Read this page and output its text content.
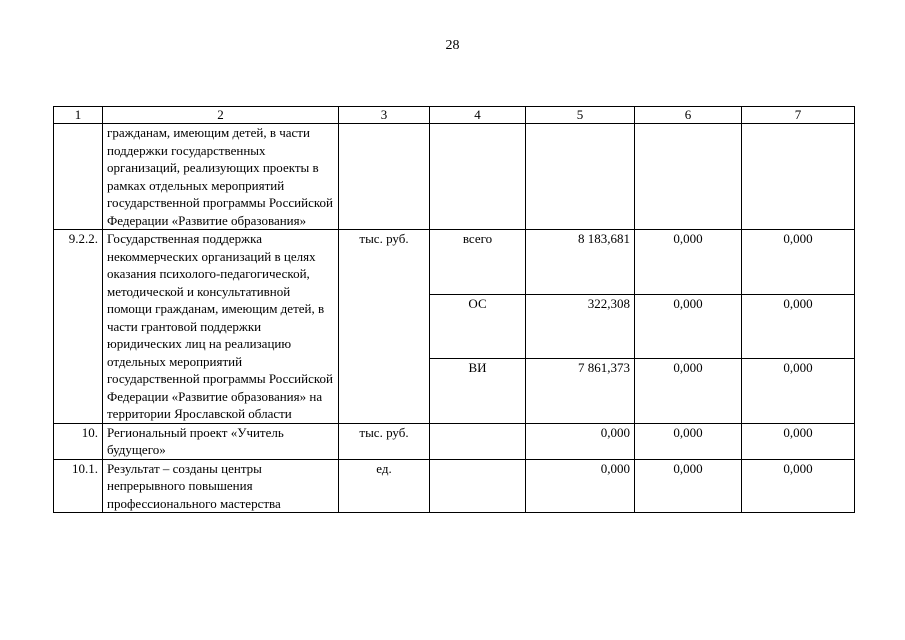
28
1	2	3	4	5	6	7
	гражданам, имеющим детей, в части поддержки государственных организаций, реализующих проекты в рамках отдельных мероприятий государственной программы Российской Федерации «Развитие образования»					
9.2.2.	Государственная поддержка некоммерческих организаций в целях оказания психолого-педагогической, методической и консультативной помощи гражданам, имеющим детей, в части грантовой поддержки юридических лиц на реализацию отдельных мероприятий государственной программы Российской Федерации «Развитие образования» на территории Ярославской области	тыс. руб.	всего	8 183,681	0,000	0,000
			ОС	322,308	0,000	0,000
			ВИ	7 861,373	0,000	0,000
10.	Региональный проект «Учитель будущего»	тыс. руб.		0,000	0,000	0,000
10.1.	Результат – созданы центры непрерывного повышения профессионального мастерства	ед.		0,000	0,000	0,000
